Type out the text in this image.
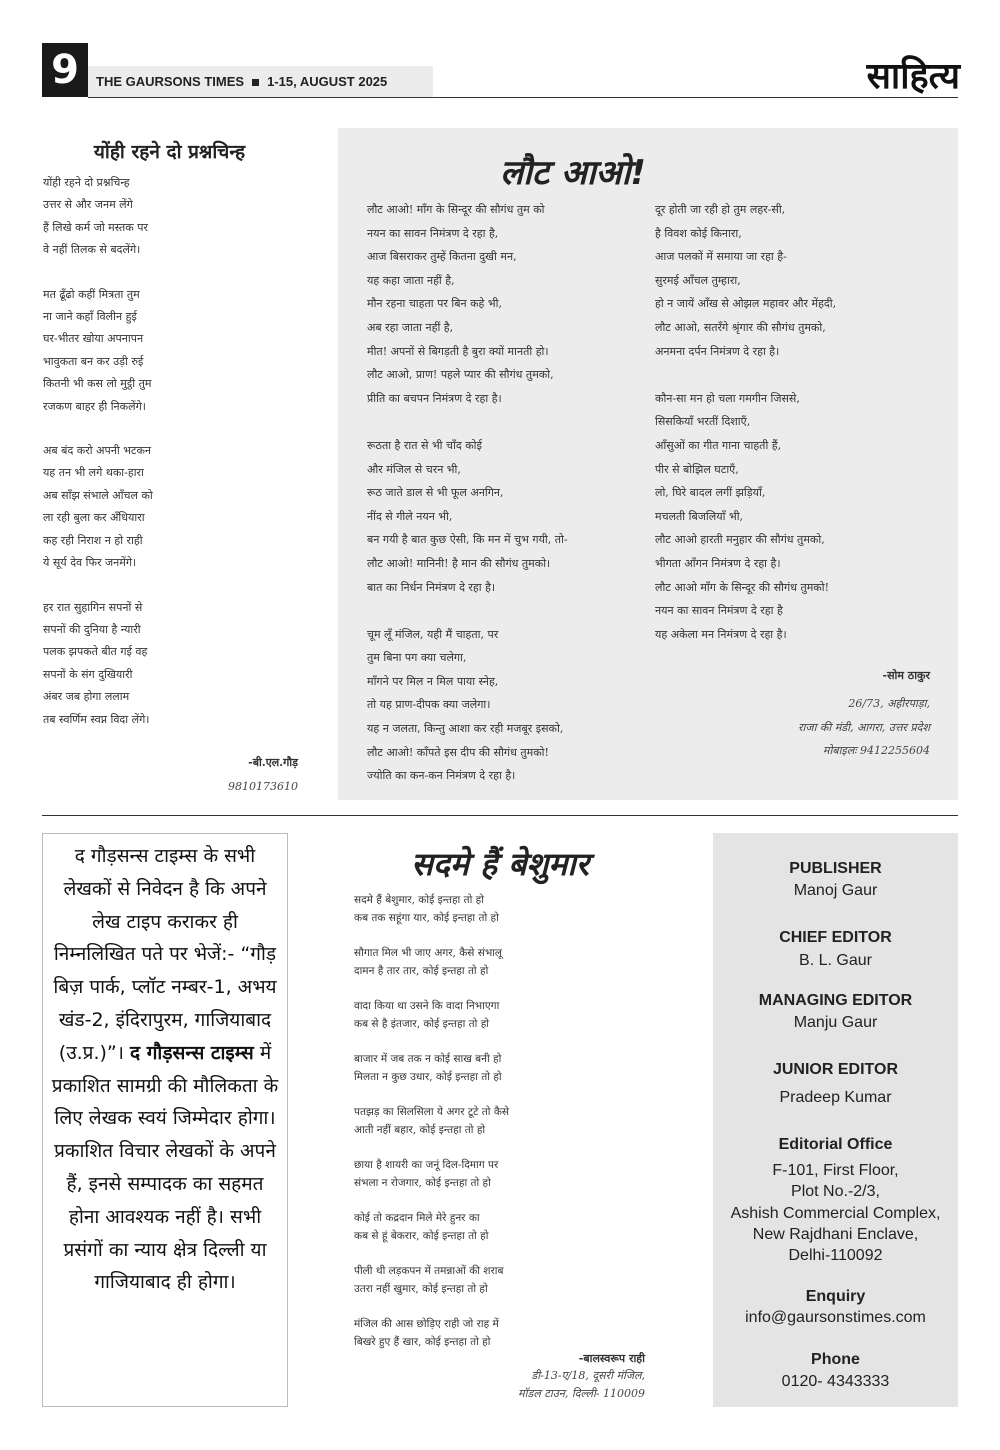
9	THE GAURSONS TIMES 1-15, AUGUST 2025	साहित्य
योंही रहने दो प्रश्नचिन्ह
योंही रहने दो प्रश्नचिन्ह
उत्तर से और जनम लेंगे
हैं लिखे कर्म जो मस्तक पर
वे नहीं तिलक से बदलेंगे।
मत ढूँढो कहीं मित्रता तुम
ना जाने कहाँ विलीन हुई
घर-भीतर खोया अपनापन
भावुकता बन कर उड़ी रुई
कितनी भी कस लो मुट्ठी तुम
रजकण बाहर ही निकलेंगे।
अब बंद करो अपनी भटकन
यह तन भी लगे थका-हारा
अब साँझ संभाले आँचल को
ला रही बुला कर अँधियारा
कह रही निराश न हो राही
ये सूर्य देव फिर जनमेंगे।
हर रात सुहागिन सपनों से
सपनों की दुनिया है न्यारी
पलक झपकते बीत गई वह
सपनों के संग दुखियारी
अंबर जब होगा ललाम
तब स्वर्णिम स्वप्न विदा लेंगे।
-बी.एल.गौड़
9810173610
लौट आओ!
लौट आओ! माँग के सिन्दूर की सौगंध तुम को
नयन का सावन निमंत्रण दे रहा है,
आज बिसराकर तुम्हें कितना दुखी मन,
यह कहा जाता नहीं है,
मौन रहना चाहता पर बिन कहे भी,
अब रहा जाता नहीं है,
मीत! अपनों से बिगड़ती है बुरा क्यों मानती हो।
लौट आओ, प्राण! पहले प्यार की सौगंध तुमको,
प्रीति का बचपन निमंत्रण दे रहा है।
रूठता है रात से भी चाँद कोई
और मंजिल से चरन भी,
रूठ जाते डाल से भी फूल अनगिन,
नींद से गीले नयन भी,
बन गयी है बात कुछ ऐसी, कि मन में चुभ गयी, तो-
लौट आओ! मानिनी! है मान की सौगंध तुमको।
बात का निर्धन निमंत्रण दे रहा है।
चूम लूँ मंजिल, यही मैं चाहता, पर
तुम बिना पग क्या चलेगा,
माँगने पर मिल न मिल पाया स्नेह,
तो यह प्राण-दीपक क्या जलेगा।
यह न जलता, किन्तु आशा कर रही मजबूर इसको,
लौट आओ! काँपते इस दीप की सौगंध तुमको!
ज्योति का कन-कन निमंत्रण दे रहा है।
दूर होती जा रही हो तुम लहर-सी,
है विवश कोई किनारा,
आज पलकों में समाया जा रहा है-
सुरमई आँचल तुम्हारा,
हो न जायें आँख से ओझल महावर और मेंहदी,
लौट आओ, सतरँगे श्रृंगार की सौगंध तुमको,
अनमना दर्पन निमंत्रण दे रहा है।
कौन-सा मन हो चला गमगीन जिससे,
सिसकियाँ भरतीं दिशाएँ,
आँसुओं का गीत गाना चाहती हैं,
पीर से बोझिल घटाएँ,
लो, घिरे बादल लगीं झड़ियाँ,
मचलती बिजलियाँ भी,
लौट आओ हारती मनुहार की सौगंध तुमको,
भीगता आँगन निमंत्रण दे रहा है।
लौट आओ माँग के सिन्दूर की सौगंध तुमको!
नयन का सावन निमंत्रण दे रहा है
यह अकेला मन निमंत्रण दे रहा है।
-सोम ठाकुर
26/73, अहीरपाड़ा,
राजा की मंडी, आगरा, उत्तर प्रदेश
मोबाइलः 9412255604
द गौड़सन्स टाइम्स के सभी लेखकों से निवेदन है कि अपने लेख टाइप कराकर ही निम्नलिखित पते पर भेजें:- “गौड़ बिज़ पार्क, प्लॉट नम्बर-1, अभय खंड-2, इंदिरापुरम, गाजियाबाद (उ.प्र.)”। द गौड़सन्स टाइम्स में प्रकाशित सामग्री की मौलिकता के लिए लेखक स्वयं जिम्मेदार होगा। प्रकाशित विचार लेखकों के अपने हैं, इनसे सम्पादक का सहमत होना आवश्यक नहीं है। सभी प्रसंगों का न्याय क्षेत्र दिल्ली या गाजियाबाद ही होगा।
सदमे हैं बेशुमार
सदमे हैं बेशुमार, कोई इन्तहा तो हो
कब तक सहूंगा यार, कोई इन्तहा तो हो
सौगात मिल भी जाए अगर, कैसे संभालू
दामन है तार तार, कोई इन्तहा तो हो
वादा किया था उसने कि वादा निभाएगा
कब से है इंतजार, कोई इन्तहा तो हो
बाजार में जब तक न कोई साख बनी हो
मिलता न कुछ उधार, कोई इन्तहा तो हो
पतझड़ का सिलसिला ये अगर टूटे तो कैसे
आती नहीं बहार, कोई इन्तहा तो हो
छाया है शायरी का जनूं दिल-दिमाग पर
संभला न रोजगार, कोई इन्तहा तो हो
कोई तो कद्रदान मिले मेरे हुनर का
कब से हूं बेकरार, कोई इन्तहा तो हो
पीली थी लड़कपन में तमन्नाओं की शराब
उतरा नहीं खुमार, कोई इन्तहा तो हो
मंजिल की आस छोड़िए राही जो राह में
बिखरे हुए हैं खार, कोई इन्तहा तो हो
-बालस्वरूप राही
डी-13-ए/18, दूसरी मंजिल,
मॉडल टाउन, दिल्ली- 110009
PUBLISHER
Manoj Gaur
CHIEF EDITOR
B. L. Gaur
MANAGING EDITOR
Manju Gaur
JUNIOR EDITOR
Pradeep Kumar
Editorial Office
F-101, First Floor,
Plot No.-2/3,
Ashish Commercial Complex,
New Rajdhani Enclave,
Delhi-110092
Enquiry
info@gaursonstimes.com
Phone
0120- 4343333
